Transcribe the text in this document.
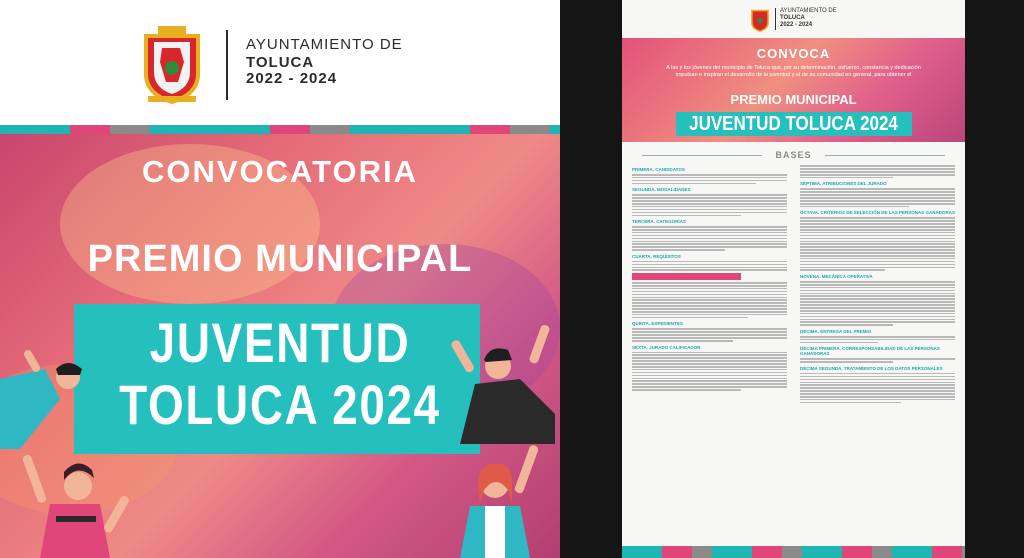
AYUNTAMIENTO DE
TOLUCA
2022 - 2024
CONVOCATORIA
PREMIO MUNICIPAL
JUVENTUD
TOLUCA 2024
AYUNTAMIENTO DE
TOLUCA
2022 - 2024
CONVOCA
A las y los jóvenes del municipio de Toluca que, por su determinación, esfuerzo, constancia y dedicación impulsan e inspiran el desarrollo de la juventud y el de su comunidad en general, para obtener el
PREMIO MUNICIPAL
JUVENTUD TOLUCA 2024
BASES
PRIMERA. CANDIDATOS
SEGUNDA. MODALIDADES
TERCERA. CATEGORÍAS
CUARTA. REQUISITOS
QUINTA. EXPEDIENTES
SEXTA. JURADO CALIFICADOR
SÉPTIMA. ATRIBUCIONES DEL JURADO
OCTAVA. CRITERIOS DE SELECCIÓN DE LAS PERSONAS GANADORAS
NOVENA. MECÁNICA OPERATIVA
DÉCIMA. ENTREGA DEL PREMIO
DÉCIMA PRIMERA. CORRESPONSABILIDAD DE LAS PERSONAS GANADORAS
DÉCIMA SEGUNDA. TRATAMIENTO DE LOS DATOS PERSONALES
